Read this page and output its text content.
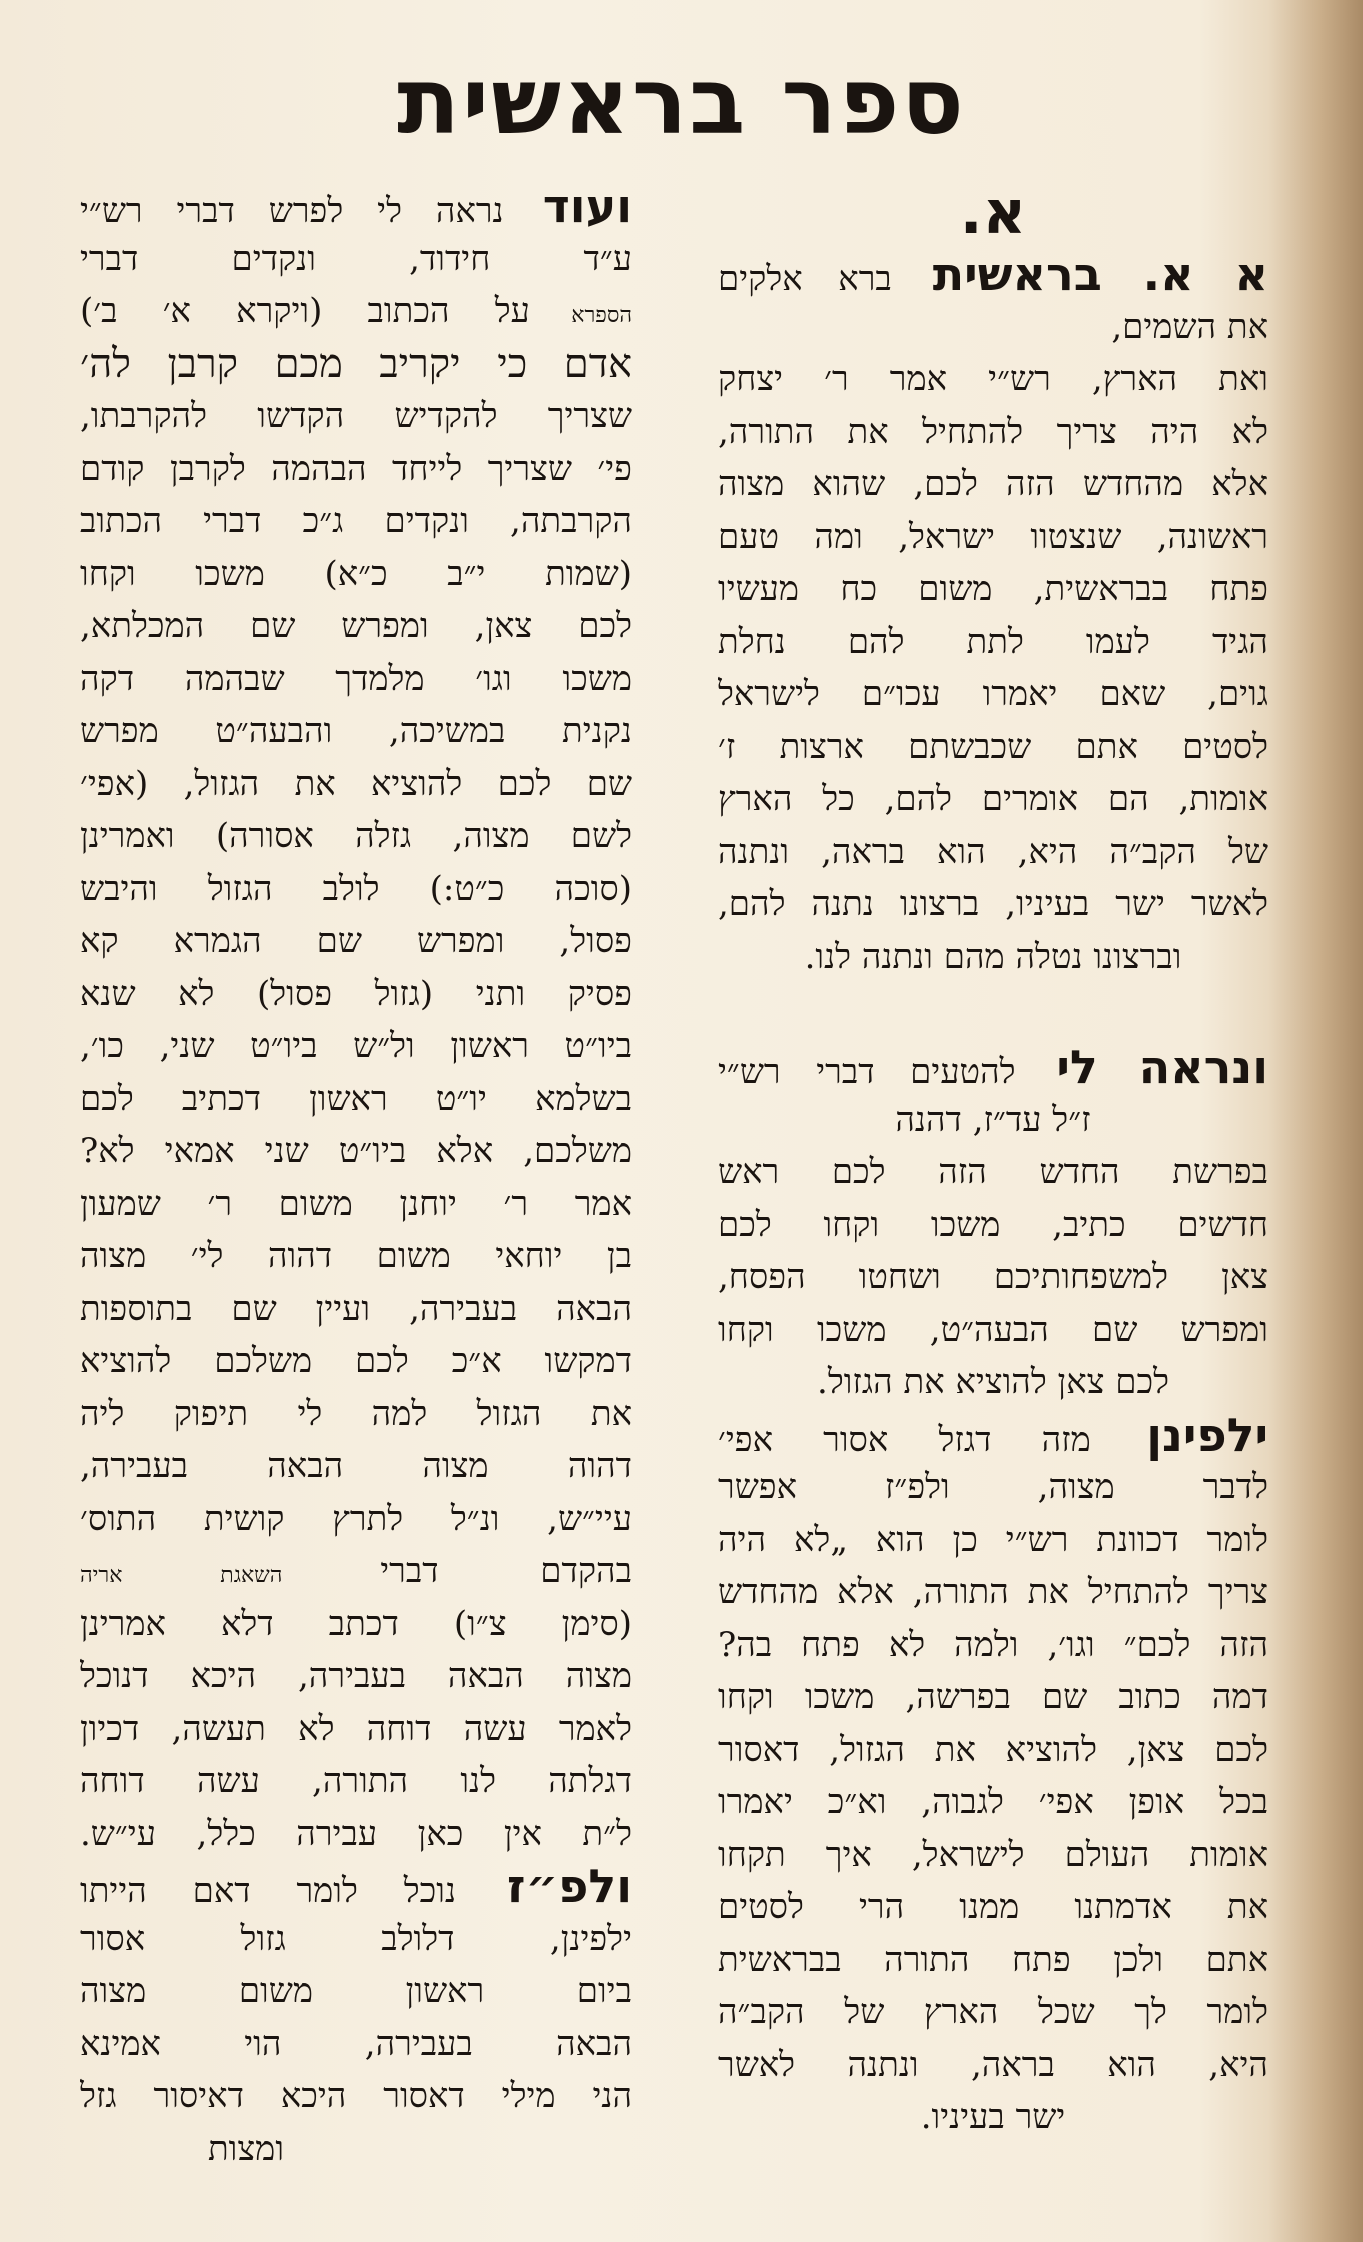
ספר בראשית
א.
א א. בראשית ברא אלקים
את השמים,
ואת הארץ, רש״י אמר ר׳ יצחק
לא היה צריך להתחיל את התורה,
אלא מהחדש הזה לכם, שהוא מצוה
ראשונה, שנצטוו ישראל, ומה טעם
פתח בבראשית, משום כח מעשיו
הגיד לעמו לתת להם נחלת
גוים, שאם יאמרו עכו״ם לישראל
לסטים אתם שכבשתם ארצות ז׳
אומות, הם אומרים להם, כל הארץ
של הקב״ה היא, הוא בראה, ונתנה
לאשר ישר בעיניו, ברצונו נתנה להם,
וברצונו נטלה מהם ונתנה לנו.
ונראה לי להטעים דברי רש״י
ז״ל עד״ז, דהנה
בפרשת החדש הזה לכם ראש
חדשים כתיב, משכו וקחו לכם
צאן למשפחותיכם ושחטו הפסח,
ומפרש שם הבעה״ט, משכו וקחו
לכם צאן להוציא את הגזול.
ילפינן מזה דגזל אסור אפי׳
לדבר מצוה, ולפ״ז אפשר
לומר דכוונת רש״י כן הוא „לא היה
צריך להתחיל את התורה, אלא מהחדש
הזה לכם״ וגו׳, ולמה לא פתח בה?
דמה כתוב שם בפרשה, משכו וקחו
לכם צאן, להוציא את הגזול, דאסור
בכל אופן אפי׳ לגבוה, וא״כ יאמרו
אומות העולם לישראל, איך תקחו
את אדמתנו ממנו הרי לסטים
אתם ולכן פתח התורה בבראשית
לומר לך שכל הארץ של הקב״ה
היא, הוא בראה, ונתנה לאשר
ישר בעיניו.
ועוד נראה לי לפרש דברי רש״י
ע״ד חידוד, ונקדים דברי
הספרא על הכתוב (ויקרא א׳ ב׳)
אדם כי יקריב מכם קרבן לה׳
שצריך להקדיש הקדשו להקרבתו,
פי׳ שצריך לייחד הבהמה לקרבן קודם
הקרבתה, ונקדים ג״כ דברי הכתוב
(שמות י״ב כ״א) משכו וקחו
לכם צאן, ומפרש שם המכלתא,
משכו וגו׳ מלמדך שבהמה דקה
נקנית במשיכה, והבעה״ט מפרש
שם לכם להוציא את הגזול, (אפי׳
לשם מצוה, גזלה אסורה) ואמרינן
(סוכה כ״ט:) לולב הגזול והיבש
פסול, ומפרש שם הגמרא קא
פסיק ותני (גזול פסול) לא שנא
ביו״ט ראשון ול״ש ביו״ט שני, כו׳,
בשלמא יו״ט ראשון דכתיב לכם
משלכם, אלא ביו״ט שני אמאי לא?
אמר ר׳ יוחנן משום ר׳ שמעון
בן יוחאי משום דהוה לי׳ מצוה
הבאה בעבירה, ועיין שם בתוספות
דמקשו א״כ לכם משלכם להוציא
את הגזול למה לי תיפוק ליה
דהוה מצוה הבאה בעבירה,
עיי״ש, ונ״ל לתרץ קושית התוס׳
בהקדם דברי השאגת אריה
(סימן צ״ו) דכתב דלא אמרינן
מצוה הבאה בעבירה, היכא דנוכל
לאמר עשה דוחה לא תעשה, דכיון
דגלתה לנו התורה, עשה דוחה
ל״ת אין כאן עבירה כלל, עי״ש.
ולפ״ז נוכל לומר דאם הייתו
ילפינן, דלולב גזול אסור
ביום ראשון משום מצוה
הבאה בעבירה, הוי אמינא
הני מילי דאסור היכא דאיסור גזל
ומצות
